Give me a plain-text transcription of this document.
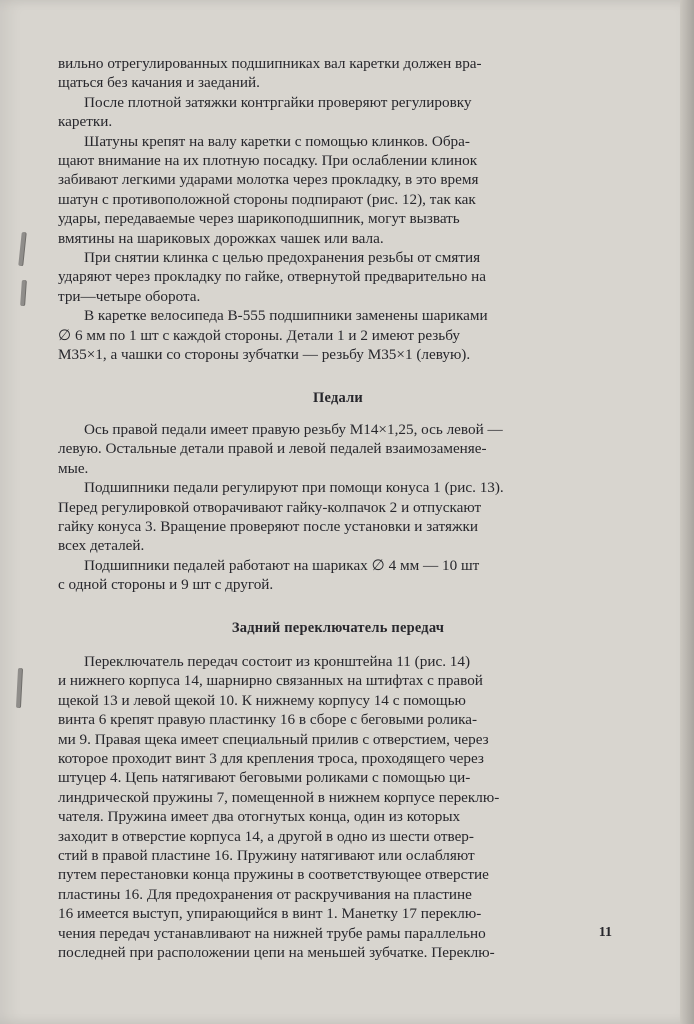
вильно отрегулированных подшипниках вал каретки должен вра-

щаться без качания и заеданий.

После плотной затяжки контргайки проверяют регулировку

каретки.

Шатуны крепят на валу каретки с помощью клинков. Обра-

щают внимание на их плотную посадку. При ослаблении клинок

забивают легкими ударами молотка через прокладку, в это время

шатун с противоположной стороны подпирают (рис. 12), так как

удары, передаваемые через шарикоподшипник, могут вызвать

вмятины на шариковых дорожках чашек или вала.

При снятии клинка с целью предохранения резьбы от смятия

ударяют через прокладку по гайке, отвернутой предварительно на

три—четыре оборота.

В каретке велосипеда В-555 подшипники заменены шариками

∅ 6 мм по 1 шт с каждой стороны. Детали 1 и 2 имеют резьбу

М35×1, а чашки со стороны зубчатки — резьбу М35×1 (левую).

Педали

Ось правой педали имеет правую резьбу М14×1,25, ось левой —

левую. Остальные детали правой и левой педалей взаимозаменяе-

мые.

Подшипники педали регулируют при помощи конуса 1 (рис. 13).

Перед регулировкой отворачивают гайку-колпачок 2 и отпускают

гайку конуса 3. Вращение проверяют после установки и затяжки

всех деталей.

Подшипники педалей работают на шариках ∅ 4 мм — 10 шт

с одной стороны и 9 шт с другой.

Задний переключатель передач

Переключатель передач состоит из кронштейна 11 (рис. 14)

и нижнего корпуса 14, шарнирно связанных на штифтах с правой

щекой 13 и левой щекой 10. К нижнему корпусу 14 с помощью

винта 6 крепят правую пластинку 16 в сборе с беговыми ролика-

ми 9. Правая щека имеет специальный прилив с отверстием, через

которое проходит винт 3 для крепления троса, проходящего через

штуцер 4. Цепь натягивают беговыми роликами с помощью ци-

линдрической пружины 7, помещенной в нижнем корпусе переклю-

чателя. Пружина имеет два отогнутых конца, один из которых

заходит в отверстие корпуса 14, а другой в одно из шести отвер-

стий в правой пластине 16. Пружину натягивают или ослабляют

путем перестановки конца пружины в соответствующее отверстие

пластины 16. Для предохранения от раскручивания на пластине

16 имеется выступ, упирающийся в винт 1. Манетку 17 переклю-

чения передач устанавливают на нижней трубе рамы параллельно

последней при расположении цепи на меньшей зубчатке. Переклю-

11
